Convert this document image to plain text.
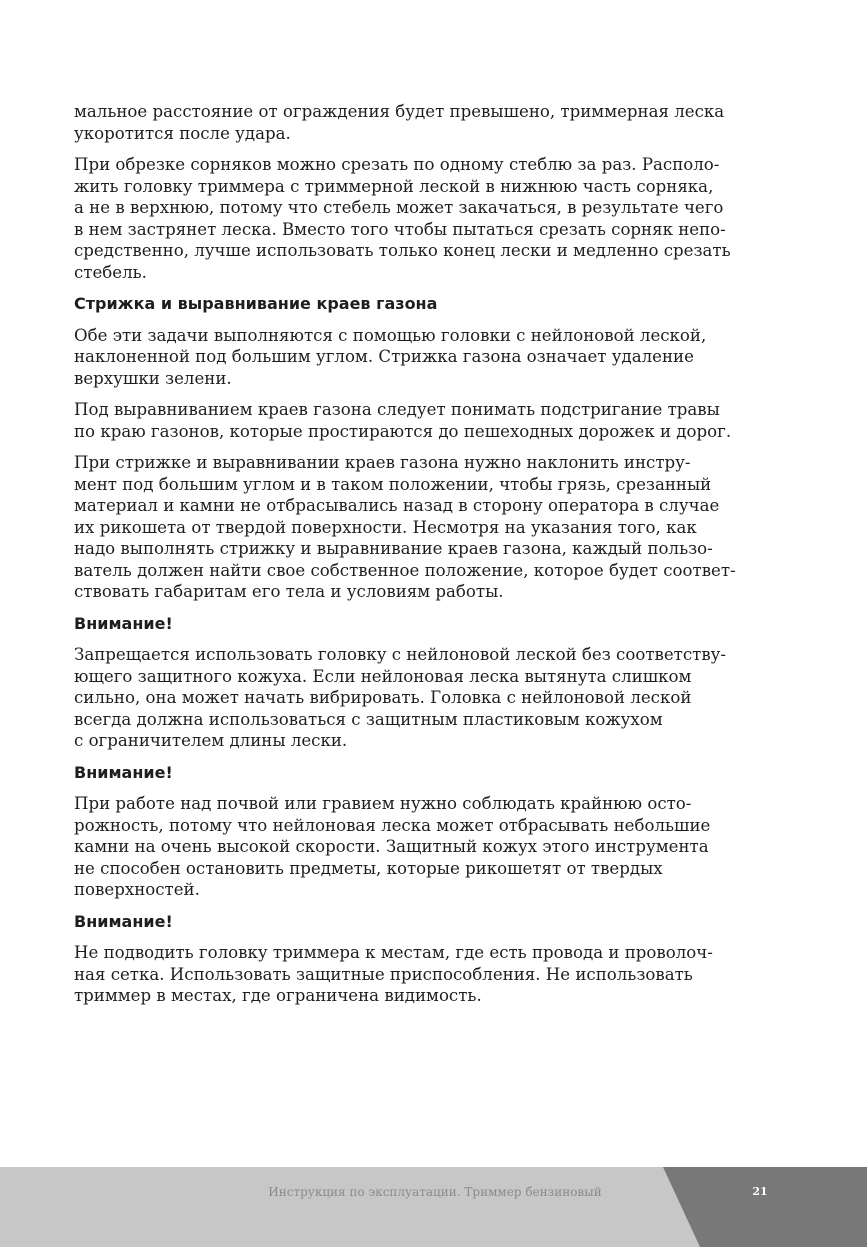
мальное расстояние от ограждения будет превышено, триммерная леска
укоротится после удара.

При обрезке сорняков можно срезать по одному стеблю за раз. Располо-
жить головку триммера с триммерной леской в нижнюю часть сорняка,
а не в верхнюю, потому что стебель может закачаться, в результате чего
в нем застрянет леска. Вместо того чтобы пытаться срезать сорняк непо-
средственно, лучше использовать только конец лески и медленно срезать
стебель.

Стрижка и выравнивание краев газона

Обе эти задачи выполняются с помощью головки с нейлоновой леской,
наклоненной под большим углом. Стрижка газона означает удаление
верхушки зелени.

Под выравниванием краев газона следует понимать подстригание травы
по краю газонов, которые простираются до пешеходных дорожек и дорог.

При стрижке и выравнивании краев газона нужно наклонить инстру-
мент под большим углом и в таком положении, чтобы грязь, срезанный
материал и камни не отбрасывались назад в сторону оператора в случае
их рикошета от твердой поверхности. Несмотря на указания того, как
надо выполнять стрижку и выравнивание краев газона, каждый пользо-
ватель должен найти свое собственное положение, которое будет соответ-
ствовать габаритам его тела и условиям работы.

Внимание!

Запрещается использовать головку с нейлоновой леской без соответству-
ющего защитного кожуха. Если нейлоновая леска вытянута слишком
сильно, она может начать вибрировать. Головка с нейлоновой леской
всегда должна использоваться с защитным пластиковым кожухом
с ограничителем длины лески.

Внимание!

При работе над почвой или гравием нужно соблюдать крайнюю осто-
рожность, потому что нейлоновая леска может отбрасывать небольшие
камни на очень высокой скорости. Защитный кожух этого инструмента
не способен остановить предметы, которые рикошетят от твердых
поверхностей.

Внимание!

Не подводить головку триммера к местам, где есть провода и проволоч-
ная сетка. Использовать защитные приспособления. Не использовать
триммер в местах, где ограничена видимость.

Инструкция по эксплуатации. Триммер бензиновый	21
